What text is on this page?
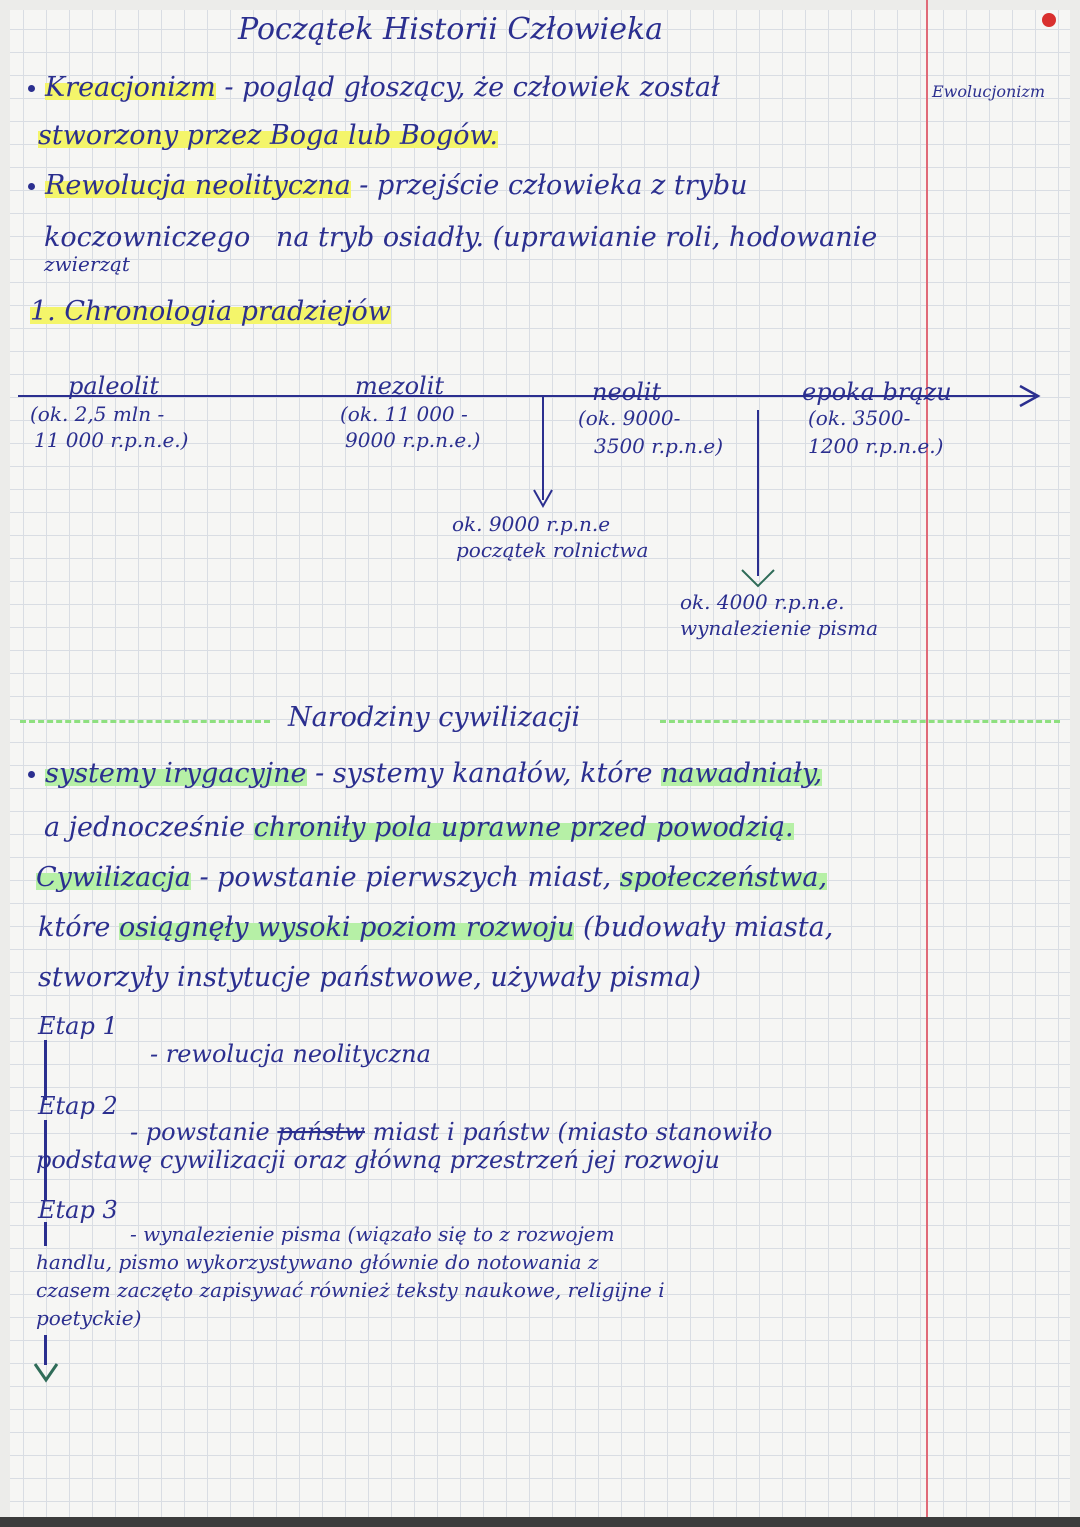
Początek Historii Człowieka
Ewolucjonizm
Kreacjonizm - pogląd głoszący, że człowiek został
stworzony przez Boga lub Bogów.
Rewolucja neolityczna - przejście człowieka z trybu
koczowniczego na tryb osiadły. (uprawianie roli, hodowanie
zwierząt
1. Chronologia pradziejów
paleolit
(ok. 2,5 mln -
11 000 r.p.n.e.)
mezolit
(ok. 11 000 -
9000 r.p.n.e.)
neolit
(ok. 9000-
3500 r.p.n.e)
epoka brązu
(ok. 3500-
1200 r.p.n.e.)
ok. 9000 r.p.n.e
początek rolnictwa
ok. 4000 r.p.n.e.
wynalezienie pisma
Narodziny cywilizacji
systemy irygacyjne - systemy kanałów, które nawadniały,
a jednocześnie chroniły pola uprawne przed powodzią.
Cywilizacja - powstanie pierwszych miast, społeczeństwa,
które osiągnęły wysoki poziom rozwoju (budowały miasta,
stworzyły instytucje państwowe, używały pisma)
Etap 1
- rewolucja neolityczna
Etap 2
- powstanie państw miast i państw (miasto stanowiło
podstawę cywilizacji oraz główną przestrzeń jej rozwoju
Etap 3
- wynalezienie pisma (wiązało się to z rozwojem
handlu, pismo wykorzystywano głównie do notowania z
czasem zaczęto zapisywać również teksty naukowe, religijne i
poetyckie)
